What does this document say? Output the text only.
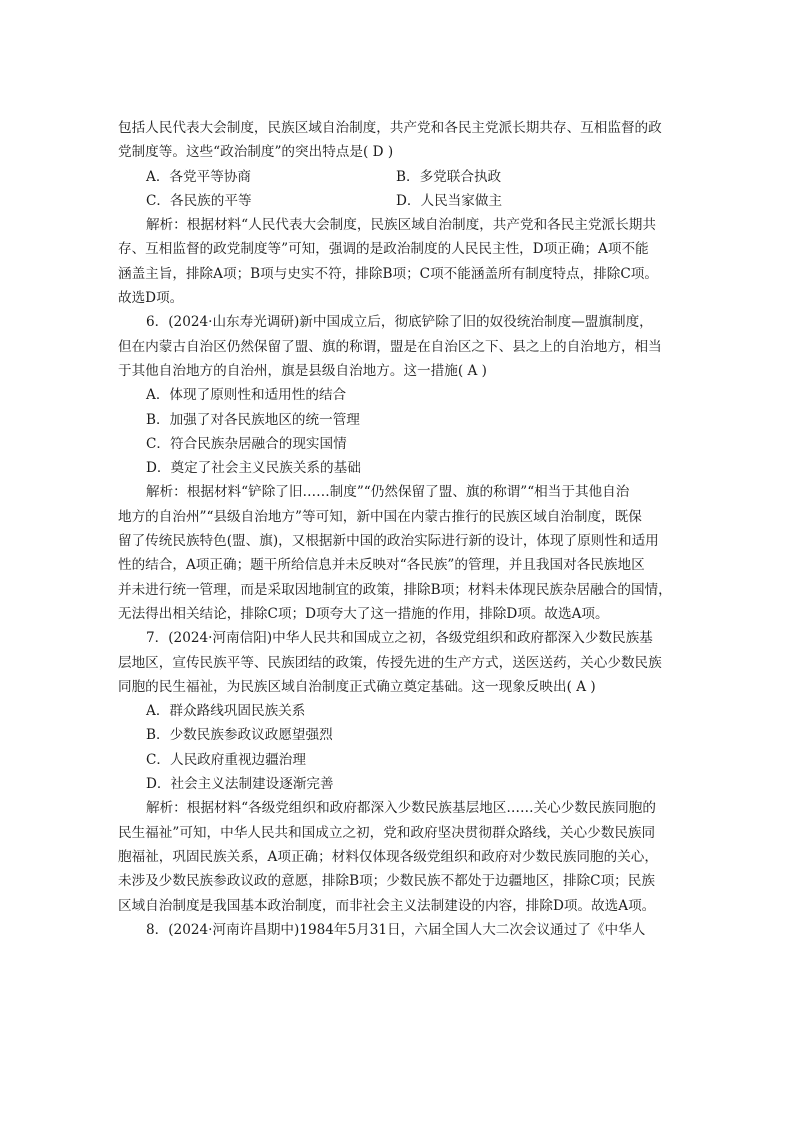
包括人民代表大会制度，民族区域自治制度，共产党和各民主党派长期共存、互相监督的政
党制度等。这些“政治制度”的突出特点是( D )
A．各党平等协商	B．多党联合执政
C．各民族的平等	D．人民当家做主
解析：根据材料“人民代表大会制度，民族区域自治制度，共产党和各民主党派长期共
存、互相监督的政党制度等”可知，强调的是政治制度的人民民主性，D项正确；A项不能
涵盖主旨，排除A项；B项与史实不符，排除B项；C项不能涵盖所有制度特点，排除C项。
故选D项。
6．(2024·山东寿光调研)新中国成立后，彻底铲除了旧的奴役统治制度—盟旗制度，
但在内蒙古自治区仍然保留了盟、旗的称谓，盟是在自治区之下、县之上的自治地方，相当
于其他自治地方的自治州，旗是县级自治地方。这一措施( A )
A．体现了原则性和适用性的结合
B．加强了对各民族地区的统一管理
C．符合民族杂居融合的现实国情
D．奠定了社会主义民族关系的基础
解析：根据材料“铲除了旧……制度”“仍然保留了盟、旗的称谓”“相当于其他自治
地方的自治州”“县级自治地方”等可知，新中国在内蒙古推行的民族区域自治制度，既保
留了传统民族特色(盟、旗)，又根据新中国的政治实际进行新的设计，体现了原则性和适用
性的结合，A项正确；题干所给信息并未反映对“各民族”的管理，并且我国对各民族地区
并未进行统一管理，而是采取因地制宜的政策，排除B项；材料未体现民族杂居融合的国情，
无法得出相关结论，排除C项；D项夸大了这一措施的作用，排除D项。故选A项。
7．(2024·河南信阳)中华人民共和国成立之初，各级党组织和政府都深入少数民族基
层地区，宣传民族平等、民族团结的政策，传授先进的生产方式，送医送药，关心少数民族
同胞的民生福祉，为民族区域自治制度正式确立奠定基础。这一现象反映出( A )
A．群众路线巩固民族关系
B．少数民族参政议政愿望强烈
C．人民政府重视边疆治理
D．社会主义法制建设逐渐完善
解析：根据材料“各级党组织和政府都深入少数民族基层地区……关心少数民族同胞的
民生福祉”可知，中华人民共和国成立之初，党和政府坚决贯彻群众路线，关心少数民族同
胞福祉，巩固民族关系，A项正确；材料仅体现各级党组织和政府对少数民族同胞的关心，
未涉及少数民族参政议政的意愿，排除B项；少数民族不都处于边疆地区，排除C项；民族
区域自治制度是我国基本政治制度，而非社会主义法制建设的内容，排除D项。故选A项。
8．(2024·河南许昌期中)1984年5月31日，六届全国人大二次会议通过了《中华人
